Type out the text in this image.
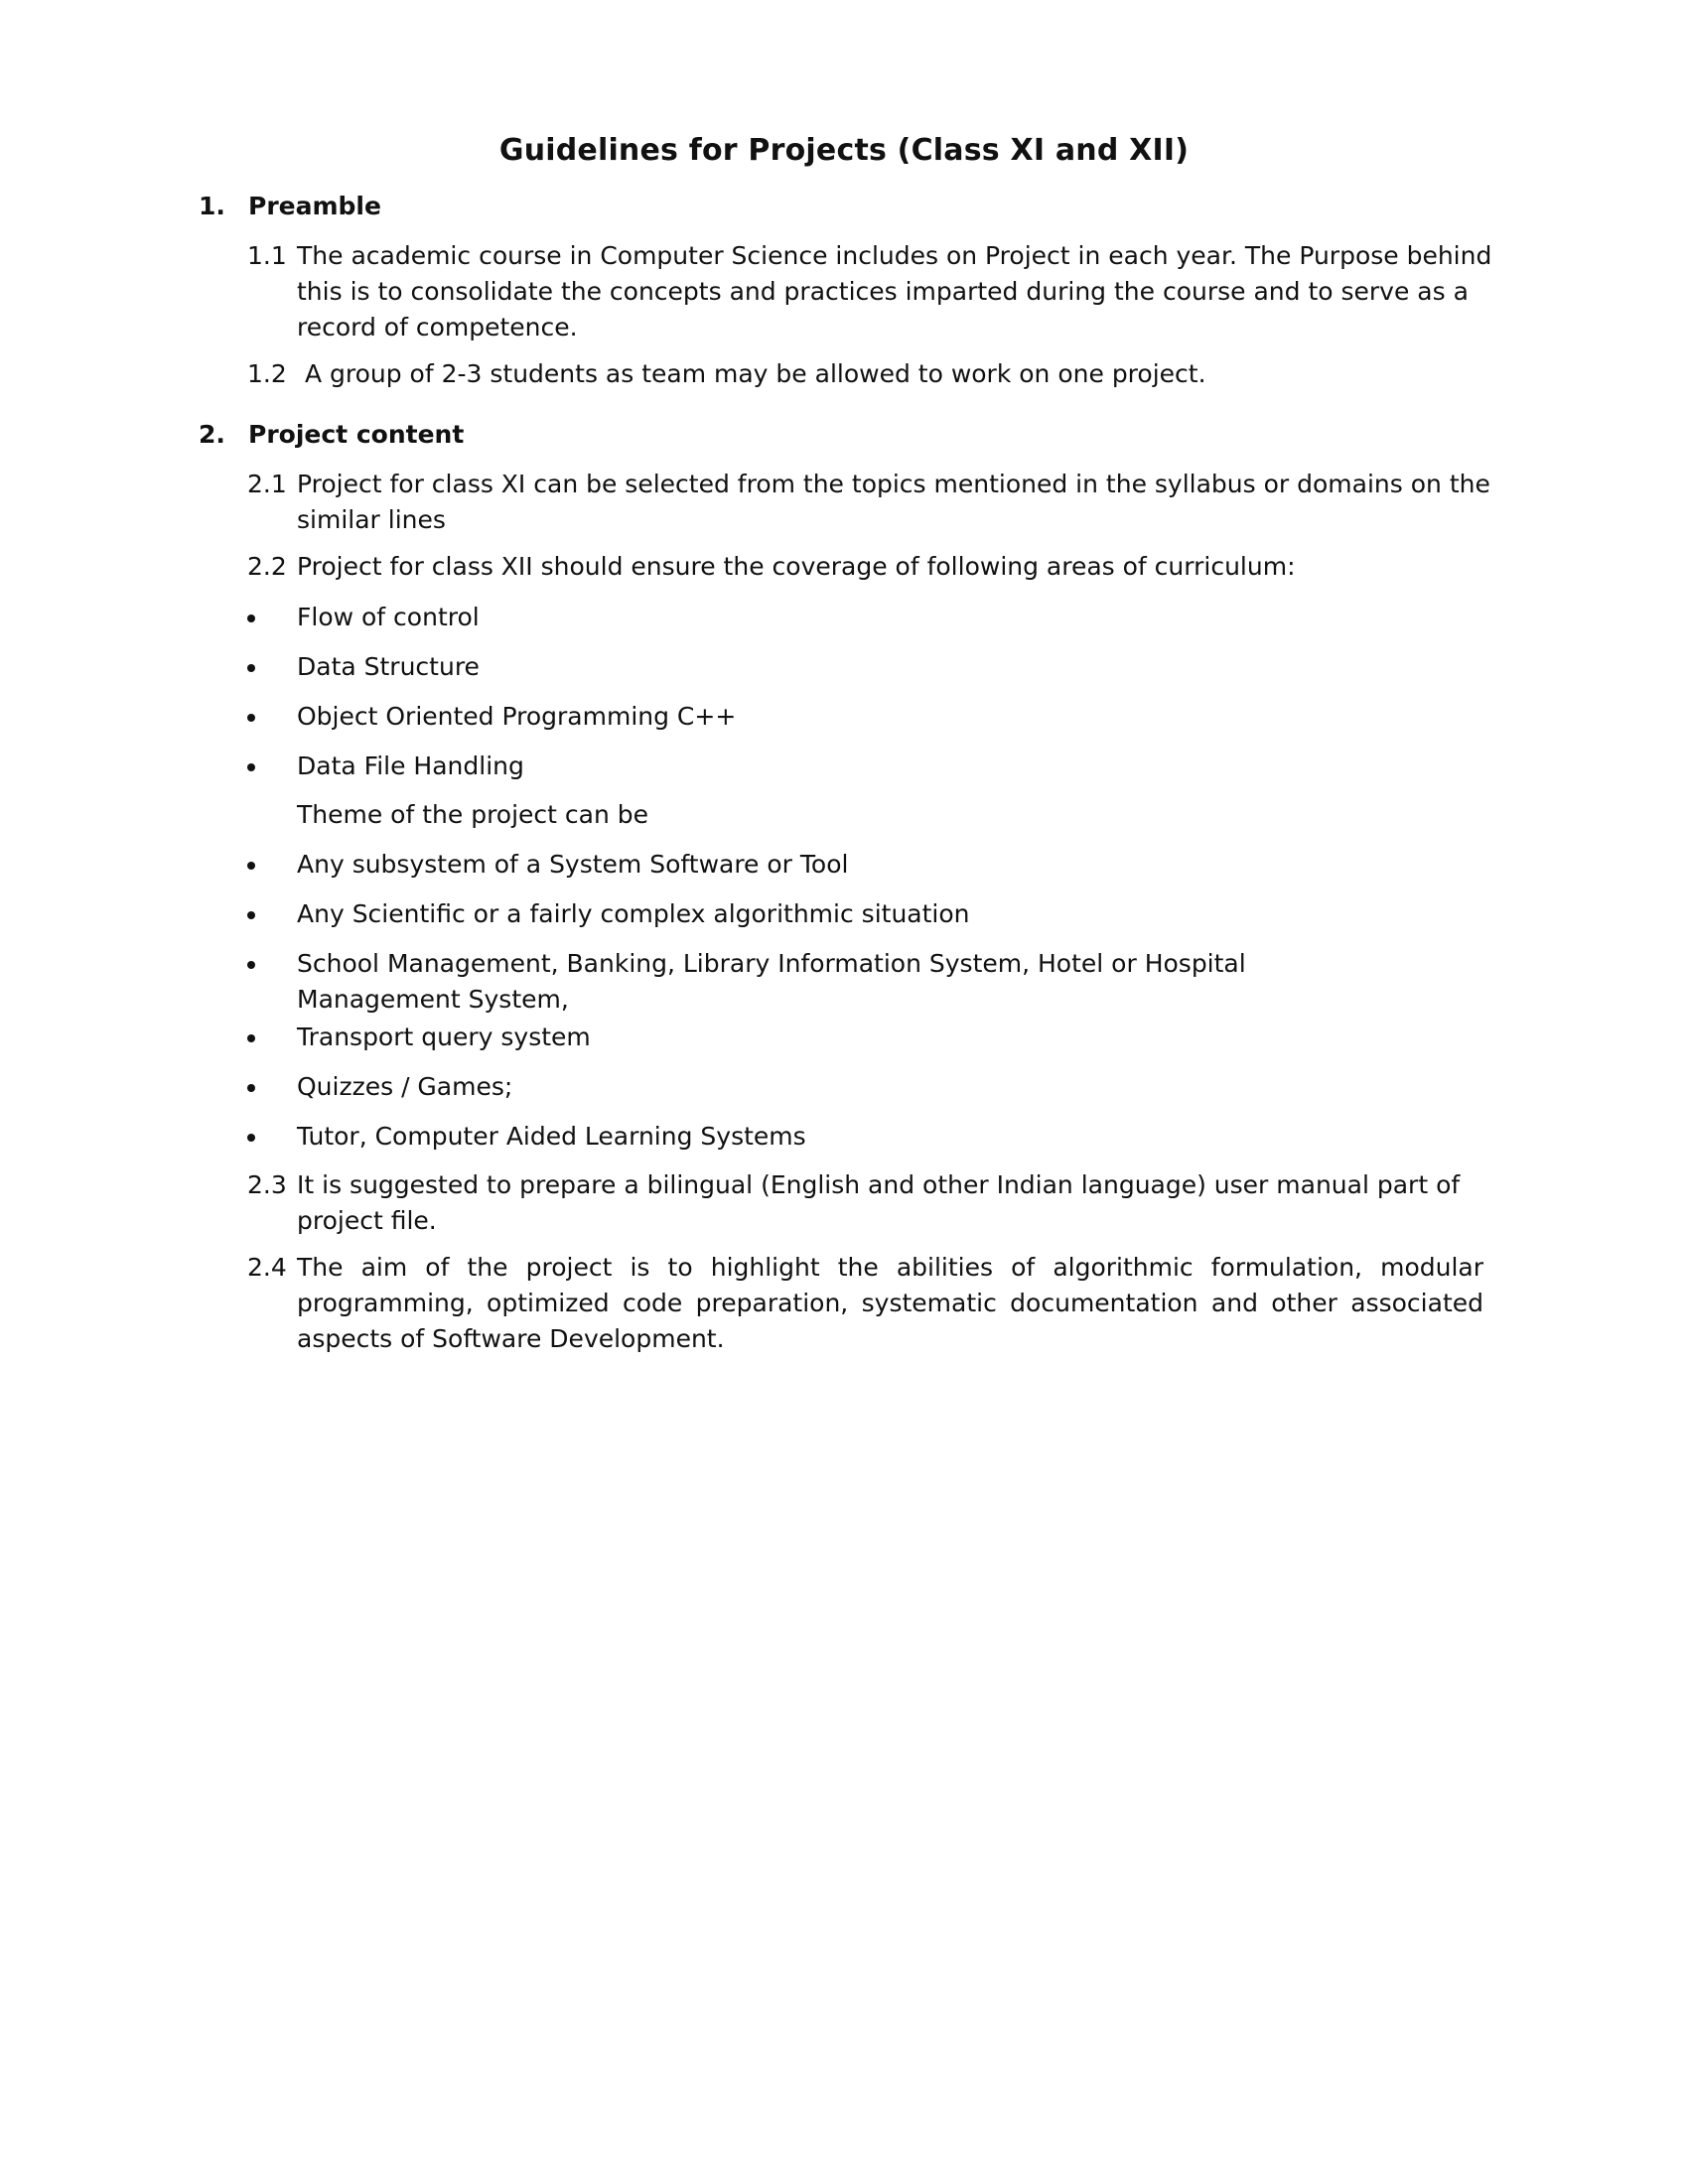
Guidelines for Projects (Class XI and XII)
1. Preamble
1.1 The academic course in Computer Science includes on Project in each year. The Purpose behind this is to consolidate the concepts and practices imparted during the course and to serve as a record of competence.
1.2 A group of 2-3 students as team may be allowed to work on one project.
2. Project content
2.1 Project for class XI can be selected from the topics mentioned in the syllabus or domains on the similar lines
2.2 Project for class XII should ensure the coverage of following areas of curriculum:
Flow of control
Data Structure
Object Oriented Programming C++
Data File Handling
Theme of the project can be
Any subsystem of a System Software or Tool
Any Scientific or a fairly complex algorithmic situation
School Management, Banking, Library Information System, Hotel or Hospital Management System,
Transport query system
Quizzes / Games;
Tutor, Computer Aided Learning Systems
2.3 It is suggested to prepare a bilingual (English and other Indian language) user manual part of project file.
2.4 The aim of the project is to highlight the abilities of algorithmic formulation, modular programming, optimized code preparation, systematic documentation and other associated aspects of Software Development.
